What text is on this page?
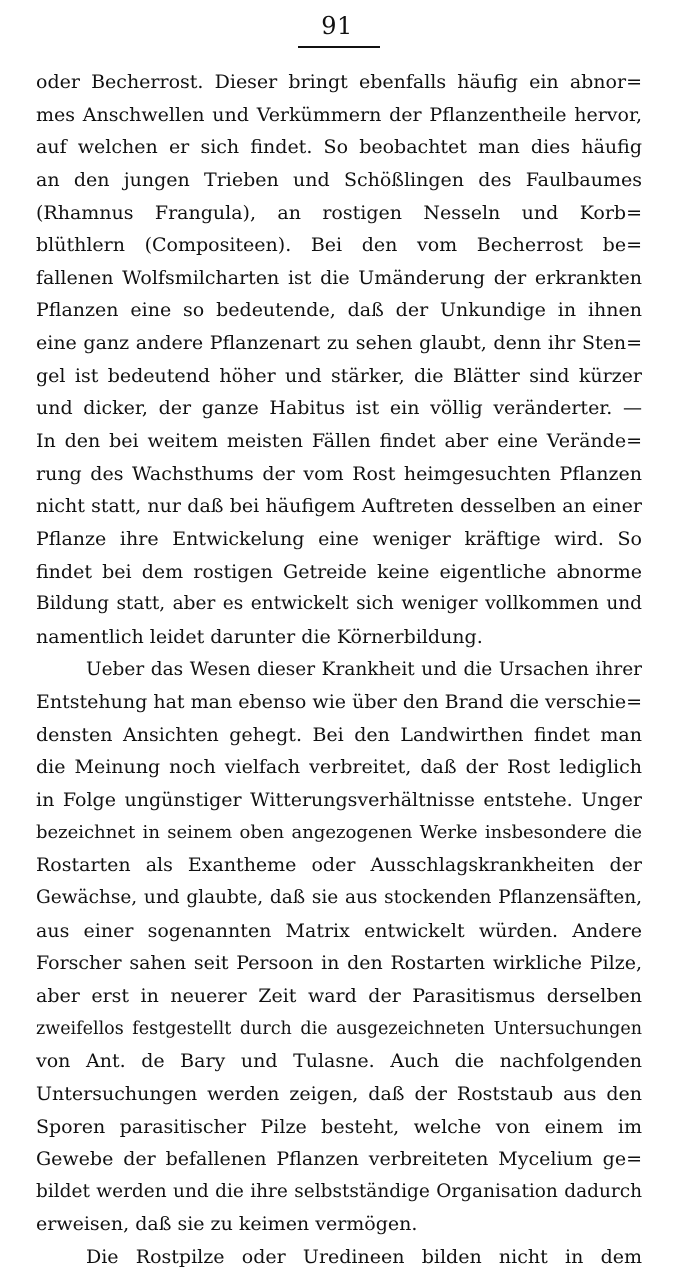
91
oder Becherrost. Dieser bringt ebenfalls häufig ein abnor=
mes Anschwellen und Verkümmern der Pflanzentheile hervor,
auf welchen er sich findet. So beobachtet man dies häufig
an den jungen Trieben und Schößlingen des Faulbaumes
(Rhamnus Frangula), an rostigen Nesseln und Korb=
blüthlern (Compositeen). Bei den vom Becherrost be=
fallenen Wolfsmilcharten ist die Umänderung der erkrankten
Pflanzen eine so bedeutende, daß der Unkundige in ihnen
eine ganz andere Pflanzenart zu sehen glaubt, denn ihr Sten=
gel ist bedeutend höher und stärker, die Blätter sind kürzer
und dicker, der ganze Habitus ist ein völlig veränderter. —
In den bei weitem meisten Fällen findet aber eine Verände=
rung des Wachsthums der vom Rost heimgesuchten Pflanzen
nicht statt, nur daß bei häufigem Auftreten desselben an einer
Pflanze ihre Entwickelung eine weniger kräftige wird. So
findet bei dem rostigen Getreide keine eigentliche abnorme
Bildung statt, aber es entwickelt sich weniger vollkommen und
namentlich leidet darunter die Körnerbildung.
Ueber das Wesen dieser Krankheit und die Ursachen ihrer
Entstehung hat man ebenso wie über den Brand die verschie=
densten Ansichten gehegt. Bei den Landwirthen findet man
die Meinung noch vielfach verbreitet, daß der Rost lediglich
in Folge ungünstiger Witterungsverhältnisse entstehe. Unger
bezeichnet in seinem oben angezogenen Werke insbesondere die
Rostarten als Exantheme oder Ausschlagskrankheiten der
Gewächse, und glaubte, daß sie aus stockenden Pflanzensäften,
aus einer sogenannten Matrix entwickelt würden. Andere
Forscher sahen seit Persoon in den Rostarten wirkliche Pilze,
aber erst in neuerer Zeit ward der Parasitismus derselben
zweifellos festgestellt durch die ausgezeichneten Untersuchungen
von Ant. de Bary und Tulasne. Auch die nachfolgenden
Untersuchungen werden zeigen, daß der Roststaub aus den
Sporen parasitischer Pilze besteht, welche von einem im
Gewebe der befallenen Pflanzen verbreiteten Mycelium ge=
bildet werden und die ihre selbstständige Organisation dadurch
erweisen, daß sie zu keimen vermögen.
Die Rostpilze oder Uredineen bilden nicht in dem
